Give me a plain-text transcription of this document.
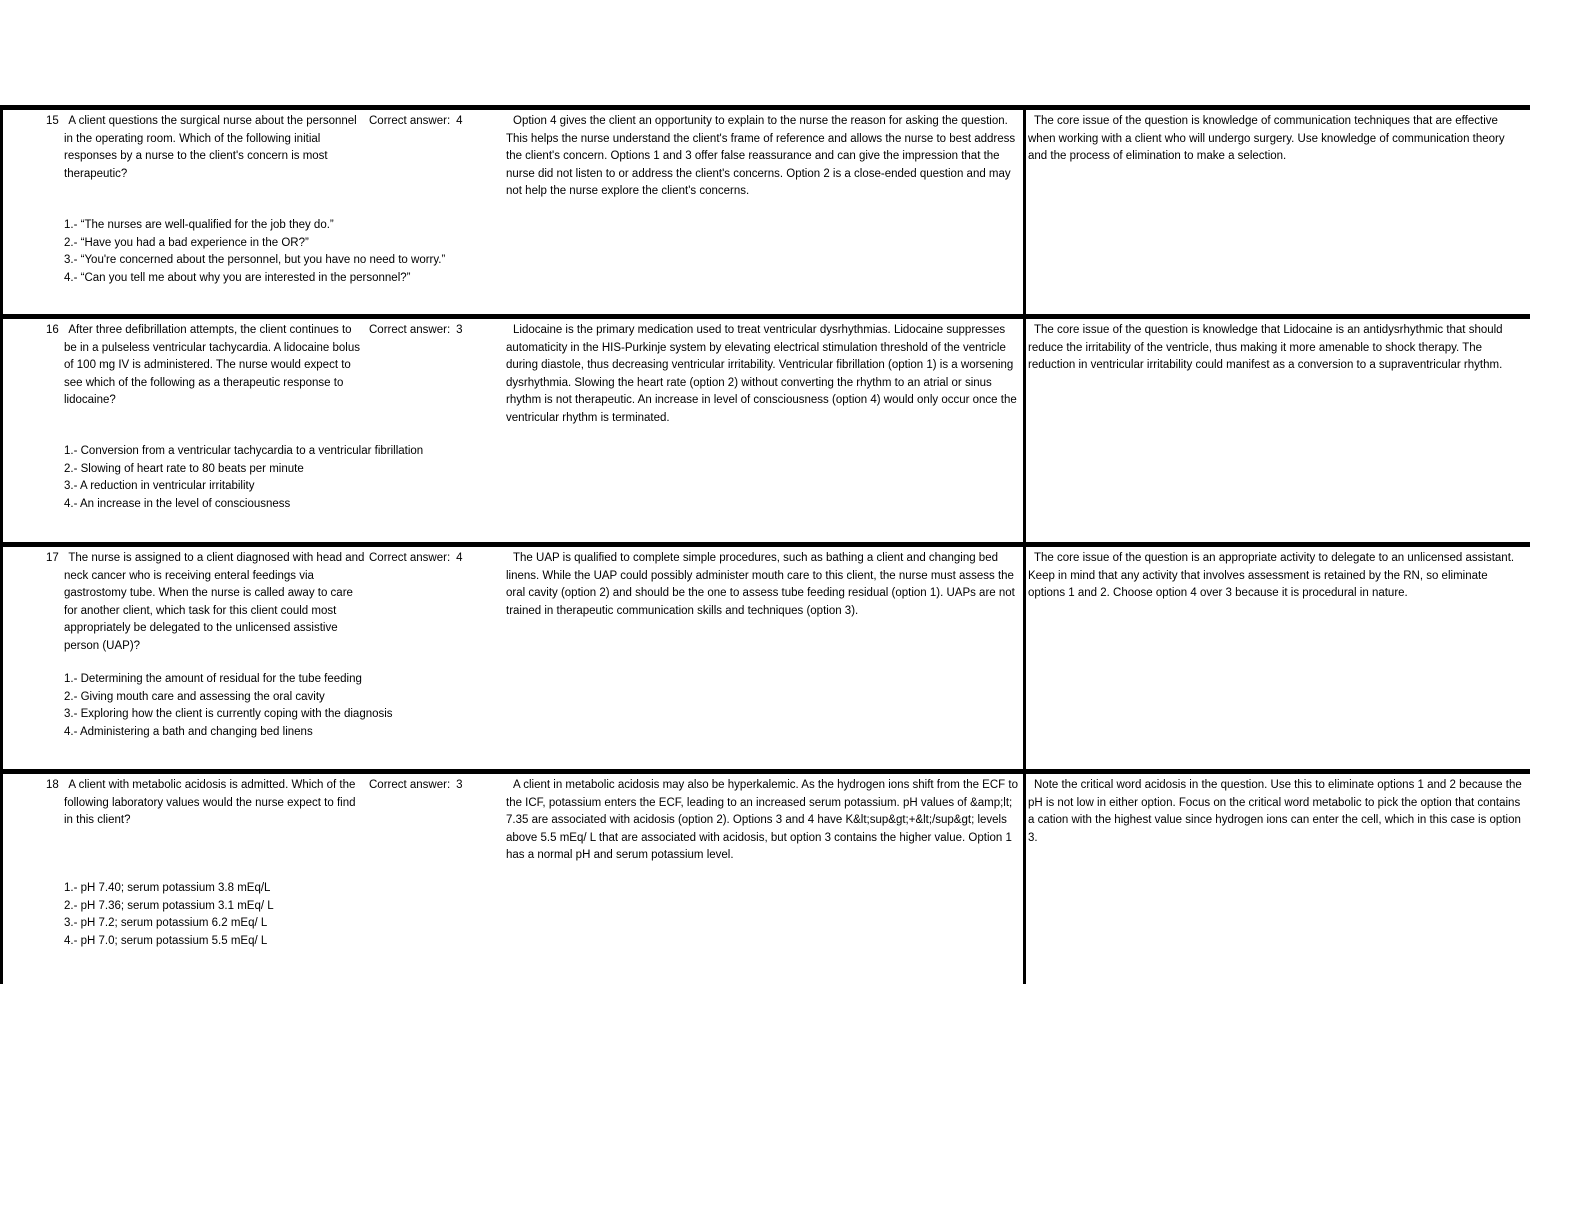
15 A client questions the surgical nurse about the personnel in the operating room. Which of the following initial responses by a nurse to the client's concern is most therapeutic?
Correct answer: 4
1.- “The nurses are well-qualified for the job they do.”
2.- “Have you had a bad experience in the OR?”
3.- “You're concerned about the personnel, but you have no need to worry.”
4.- “Can you tell me about why you are interested in the personnel?”
Option 4 gives the client an opportunity to explain to the nurse the reason for asking the question. This helps the nurse understand the client's frame of reference and allows the nurse to best address the client's concern. Options 1 and 3 offer false reassurance and can give the impression that the nurse did not listen to or address the client's concerns. Option 2 is a close-ended question and may not help the nurse explore the client's concerns.
The core issue of the question is knowledge of communication techniques that are effective when working with a client who will undergo surgery. Use knowledge of communication theory and the process of elimination to make a selection.
16 After three defibrillation attempts, the client continues to be in a pulseless ventricular tachycardia. A lidocaine bolus of 100 mg IV is administered. The nurse would expect to see which of the following as a therapeutic response to lidocaine?
Correct answer: 3
1.- Conversion from a ventricular tachycardia to a ventricular fibrillation
2.- Slowing of heart rate to 80 beats per minute
3.- A reduction in ventricular irritability
4.- An increase in the level of consciousness
Lidocaine is the primary medication used to treat ventricular dysrhythmias. Lidocaine suppresses automaticity in the HIS-Purkinje system by elevating electrical stimulation threshold of the ventricle during diastole, thus decreasing ventricular irritability. Ventricular fibrillation (option 1) is a worsening dysrhythmia. Slowing the heart rate (option 2) without converting the rhythm to an atrial or sinus rhythm is not therapeutic. An increase in level of consciousness (option 4) would only occur once the ventricular rhythm is terminated.
The core issue of the question is knowledge that Lidocaine is an antidysrhythmic that should reduce the irritability of the ventricle, thus making it more amenable to shock therapy. The reduction in ventricular irritability could manifest as a conversion to a supraventricular rhythm.
17 The nurse is assigned to a client diagnosed with head and neck cancer who is receiving enteral feedings via gastrostomy tube. When the nurse is called away to care for another client, which task for this client could most appropriately be delegated to the unlicensed assistive person (UAP)?
Correct answer: 4
1.- Determining the amount of residual for the tube feeding
2.- Giving mouth care and assessing the oral cavity
3.- Exploring how the client is currently coping with the diagnosis
4.- Administering a bath and changing bed linens
The UAP is qualified to complete simple procedures, such as bathing a client and changing bed linens. While the UAP could possibly administer mouth care to this client, the nurse must assess the oral cavity (option 2) and should be the one to assess tube feeding residual (option 1). UAPs are not trained in therapeutic communication skills and techniques (option 3).
The core issue of the question is an appropriate activity to delegate to an unlicensed assistant. Keep in mind that any activity that involves assessment is retained by the RN, so eliminate options 1 and 2. Choose option 4 over 3 because it is procedural in nature.
18 A client with metabolic acidosis is admitted. Which of the following laboratory values would the nurse expect to find in this client?
Correct answer: 3
1.- pH 7.40; serum potassium 3.8 mEq/L
2.- pH 7.36; serum potassium 3.1 mEq/ L
3.- pH 7.2; serum potassium 6.2 mEq/ L
4.- pH 7.0; serum potassium 5.5 mEq/ L
A client in metabolic acidosis may also be hyperkalemic. As the hydrogen ions shift from the ECF to the ICF, potassium enters the ECF, leading to an increased serum potassium. pH values of &amp;lt; 7.35 are associated with acidosis (option 2). Options 3 and 4 have K&lt;sup&gt;+&lt;/sup&gt; levels above 5.5 mEq/ L that are associated with acidosis, but option 3 contains the higher value. Option 1 has a normal pH and serum potassium level.
Note the critical word acidosis in the question. Use this to eliminate options 1 and 2 because the pH is not low in either option. Focus on the critical word metabolic to pick the option that contains a cation with the highest value since hydrogen ions can enter the cell, which in this case is option 3.
